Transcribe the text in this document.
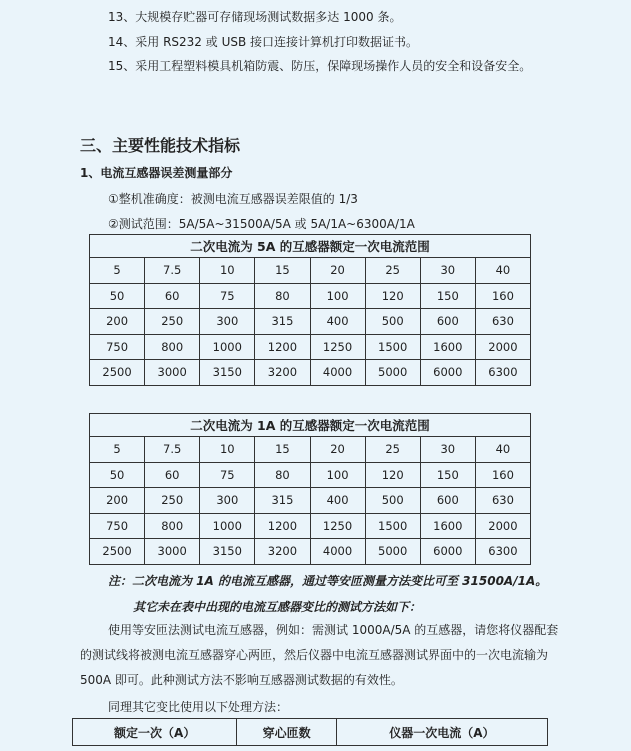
13、大规模存贮器可存储现场测试数据多达 1000 条。
14、采用 RS232 或 USB 接口连接计算机打印数据证书。
15、采用工程塑料模具机箱防震、防压，保障现场操作人员的安全和设备安全。
三、主要性能技术指标
1、电流互感器误差测量部分
①整机准确度：被测电流互感器误差限值的 1/3
②测试范围：5A/5A~31500A/5A 或 5A/1A~6300A/1A
二次电流为 5A 的互感器额定一次电流范围							
5	7.5	10	15	20	25	30	40
50	60	75	80	100	120	150	160
200	250	300	315	400	500	600	630
750	800	1000	1200	1250	1500	1600	2000
2500	3000	3150	3200	4000	5000	6000	6300
二次电流为 1A 的互感器额定一次电流范围							
5	7.5	10	15	20	25	30	40
50	60	75	80	100	120	150	160
200	250	300	315	400	500	600	630
750	800	1000	1200	1250	1500	1600	2000
2500	3000	3150	3200	4000	5000	6000	6300
注：二次电流为 1A 的电流互感器，通过等安匝测量方法变比可至 31500A/1A。
其它未在表中出现的电流互感器变比的测试方法如下：
使用等安匝法测试电流互感器，例如：需测试 1000A/5A 的互感器，请您将仪器配套的测试线将被测电流互感器穿心两匝，然后仪器中电流互感器测试界面中的一次电流输为 500A 即可。此种测试方法不影响互感器测试数据的有效性。
同理其它变比使用以下处理方法：
额定一次（A）	穿心匝数	仪器一次电流（A）
